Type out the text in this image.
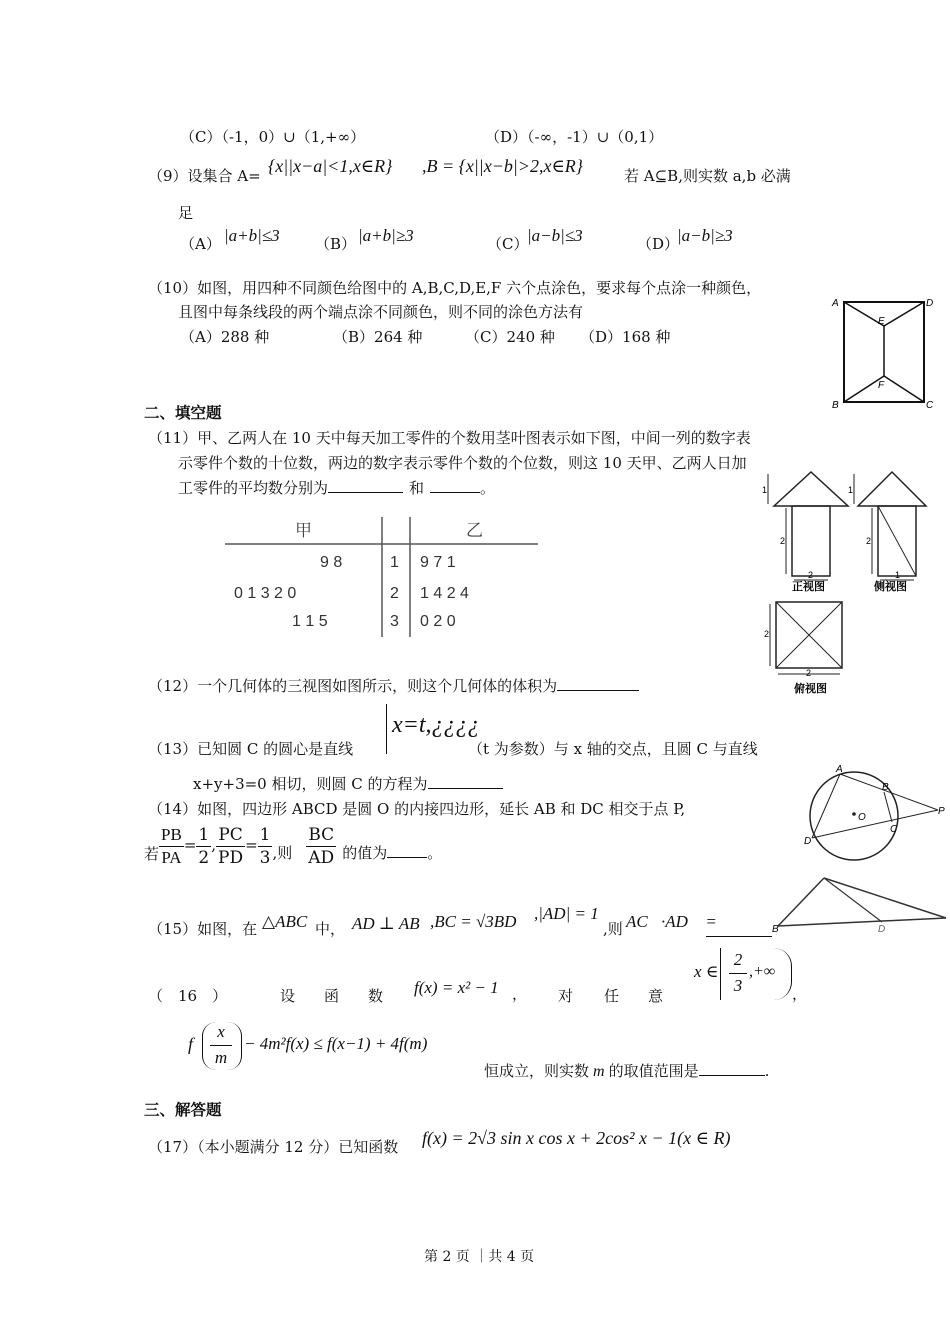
（C）（-1，0）∪（1,+∞）	（D）（-∞，-1）∪（0,1）
（9）设集合 A= {x||x−a|<1,x∈R} ,B = {x||x−b|>2,x∈R}	若 A⊆B,则实数 a,b 必满
足
（A） |a+b|≤3 （B） |a+b|≥3	（C）
|a−b|≤3	（D）
|a−b|≥3
（10）如图，用四种不同颜色给图中的 A,B,C,D,E,F 六个点涂色，要求每个点涂一种颜色，
且图中每条线段的两个端点涂不同颜色，则不同的涂色方法有
（A）288 种	（B）264 种	（C）240 种 （D）168 种
A	D
E
F
B	C
二、填空题
（11）甲、乙两人在 10 天中每天加工零件的个数用茎叶图表示如下图，中间一列的数字表
示零件个数的十位数，两边的数字表示零件个数的个位数，则这 10 天甲、乙两人日加
工零件的平均数分别为	和	。
甲	乙
9 8	1 9 7 1
0 1 3 2 0	2 1 4 2 4
1 1 5	3 0 2 0
1
2
2
正视图
1
2
1
侧视图
2
2
俯视图
（12）一个几何体的三视图如图所示，则这个几何体的体积为
（13）已知圆 C 的圆心是直线
x=t,¿¿¿¿
（t 为参数）与 x 轴的交点，且圆 C 与直线
x+y+3=0 相切，则圆 C 的方程为
（14）如图，四边形 ABCD 是圆 O 的内接四边形，延长 AB 和 DC 相交于点 P,
若 $\frac{PB}{PA} = \frac{1}{2}$ , $\frac{PC}{PD} = \frac{1}{3}$ ,则 $\frac{BC}{AD}$ 的值为	。
A
B
P
C
D
O
（15）如图，在 △ABC 中， AD ⊥ AB ,BC = √3BD ,|AD| = 1
,则 AC⃗·AD⃗ =	B	D
（　16　）	设 函 数 f(x) = x² − 1 ， 对 任 意
x ∈
2
3
,+∞
，
f
x
m
− 4m²f(x) ≤ f(x−1) + 4f(m)
恒成立，则实数 m 的取值范围是	.
三、解答题
（17）（本小题满分 12 分）已知函数 f(x) = 2√3 sin x cos x + 2cos² x − 1(x ∈ R)
第 2 页 ｜共 4 页
